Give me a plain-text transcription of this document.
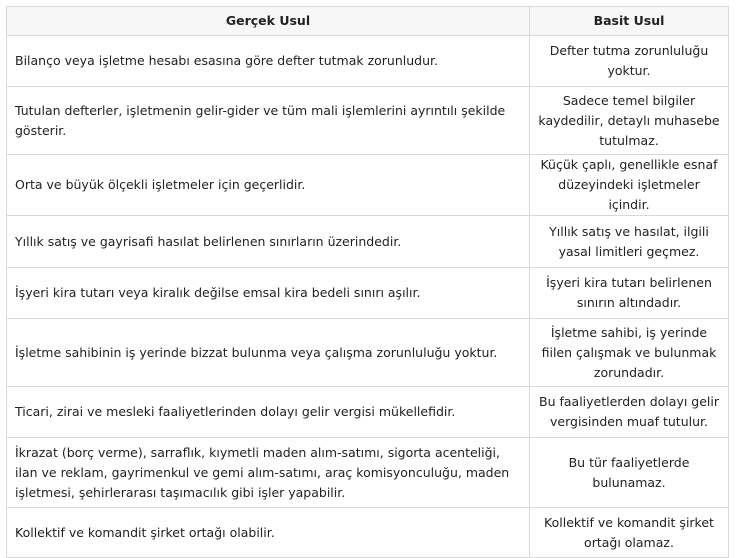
Gerçek Usul	Basit Usul
Bilanço veya işletme hesabı esasına göre defter tutmak zorunludur.	Defter tutma zorunluluğu yoktur.
Tutulan defterler, işletmenin gelir-gider ve tüm mali işlemlerini ayrıntılı şekilde gösterir.	Sadece temel bilgiler kaydedilir, detaylı muhasebe tutulmaz.
Orta ve büyük ölçekli işletmeler için geçerlidir.	Küçük çaplı, genellikle esnaf düzeyindeki işletmeler içindir.
Yıllık satış ve gayrisafi hasılat belirlenen sınırların üzerindedir.	Yıllık satış ve hasılat, ilgili yasal limitleri geçmez.
İşyeri kira tutarı veya kiralık değilse emsal kira bedeli sınırı aşılır.	İşyeri kira tutarı belirlenen sınırın altındadır.
İşletme sahibinin iş yerinde bizzat bulunma veya çalışma zorunluluğu yoktur.	İşletme sahibi, iş yerinde fiilen çalışmak ve bulunmak zorundadır.
Ticari, zirai ve mesleki faaliyetlerinden dolayı gelir vergisi mükellefidir.	Bu faaliyetlerden dolayı gelir vergisinden muaf tutulur.
İkrazat (borç verme), sarraflık, kıymetli maden alım-satımı, sigorta acenteliği, ilan ve reklam, gayrimenkul ve gemi alım-satımı, araç komisyonculuğu, maden işletmesi, şehirlerarası taşımacılık gibi işler yapabilir.	Bu tür faaliyetlerde bulunamaz.
Kollektif ve komandit şirket ortağı olabilir.	Kollektif ve komandit şirket ortağı olamaz.
